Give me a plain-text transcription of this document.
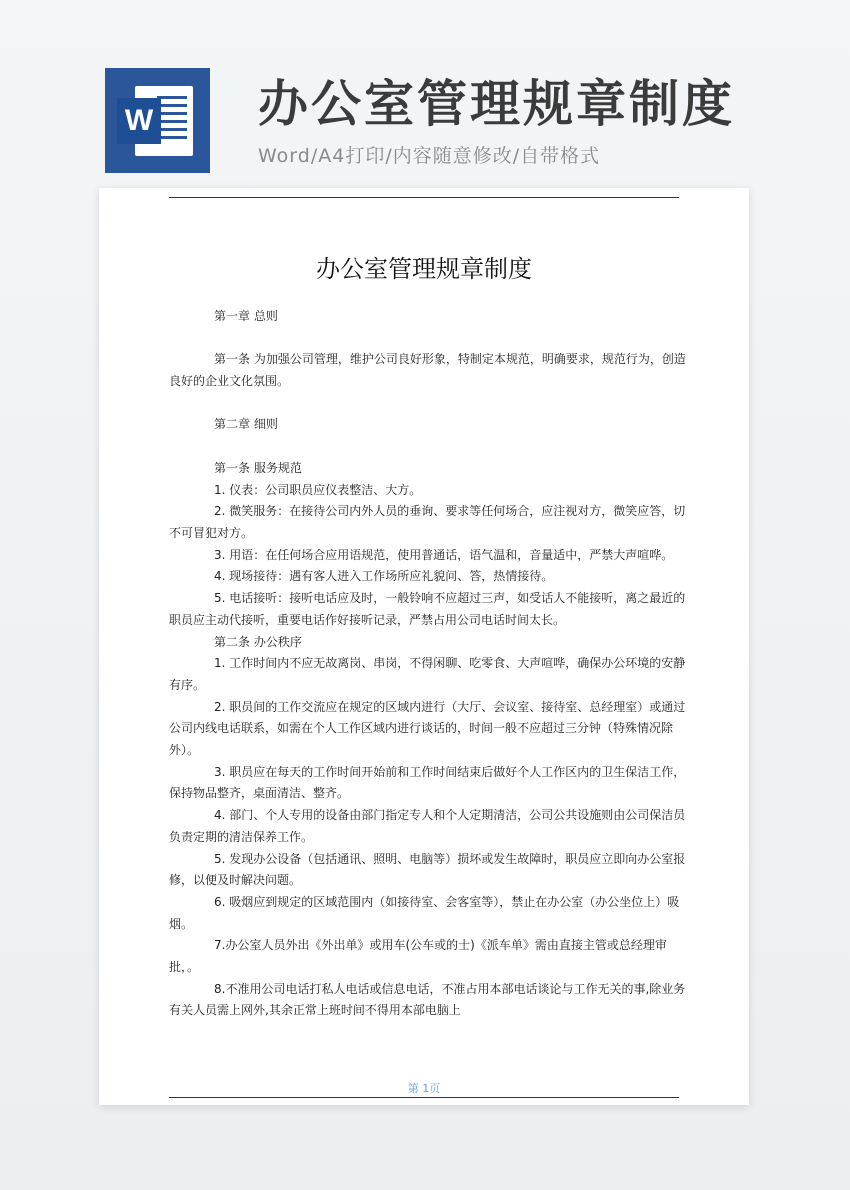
W 办公室管理规章制度
Word/A4打印/内容随意修改/自带格式
办公室管理规章制度

第一章 总则

第一条 为加强公司管理，维护公司良好形象，特制定本规范，明确要求，规范行为，创造良好的企业文化氛围。

第二章 细则

第一条 服务规范

1. 仪表：公司职员应仪表整洁、大方。

2. 微笑服务：在接待公司内外人员的垂询、要求等任何场合，应注视对方，微笑应答，切不可冒犯对方。

3. 用语：在任何场合应用语规范，使用普通话，语气温和，音量适中，严禁大声喧哗。

4. 现场接待：遇有客人进入工作场所应礼貌问、答，热情接待。

5. 电话接听：接听电话应及时，一般铃响不应超过三声，如受话人不能接听，离之最近的职员应主动代接听，重要电话作好接听记录，严禁占用公司电话时间太长。

第二条 办公秩序

1. 工作时间内不应无故离岗、串岗，不得闲聊、吃零食、大声喧哗，确保办公环境的安静有序。

2. 职员间的工作交流应在规定的区域内进行（大厅、会议室、接待室、总经理室）或通过公司内线电话联系，如需在个人工作区域内进行谈话的，时间一般不应超过三分钟（特殊情况除外）。

3. 职员应在每天的工作时间开始前和工作时间结束后做好个人工作区内的卫生保洁工作，保持物品整齐，桌面清洁、整齐。

4. 部门、个人专用的设备由部门指定专人和个人定期清洁，公司公共设施则由公司保洁员负责定期的清洁保养工作。

5. 发现办公设备（包括通讯、照明、电脑等）损坏或发生故障时，职员应立即向办公室报修，以便及时解决问题。

6. 吸烟应到规定的区域范围内（如接待室、会客室等），禁止在办公室（办公坐位上）吸烟。

7.办公室人员外出《外出单》或用车(公车或的士)《派车单》需由直接主管或总经理审批，。

8.不准用公司电话打私人电话或信息电话，不准占用本部电话谈论与工作无关的事,除业务有关人员需上网外,其余正常上班时间不得用本部电脑上

第 1页
